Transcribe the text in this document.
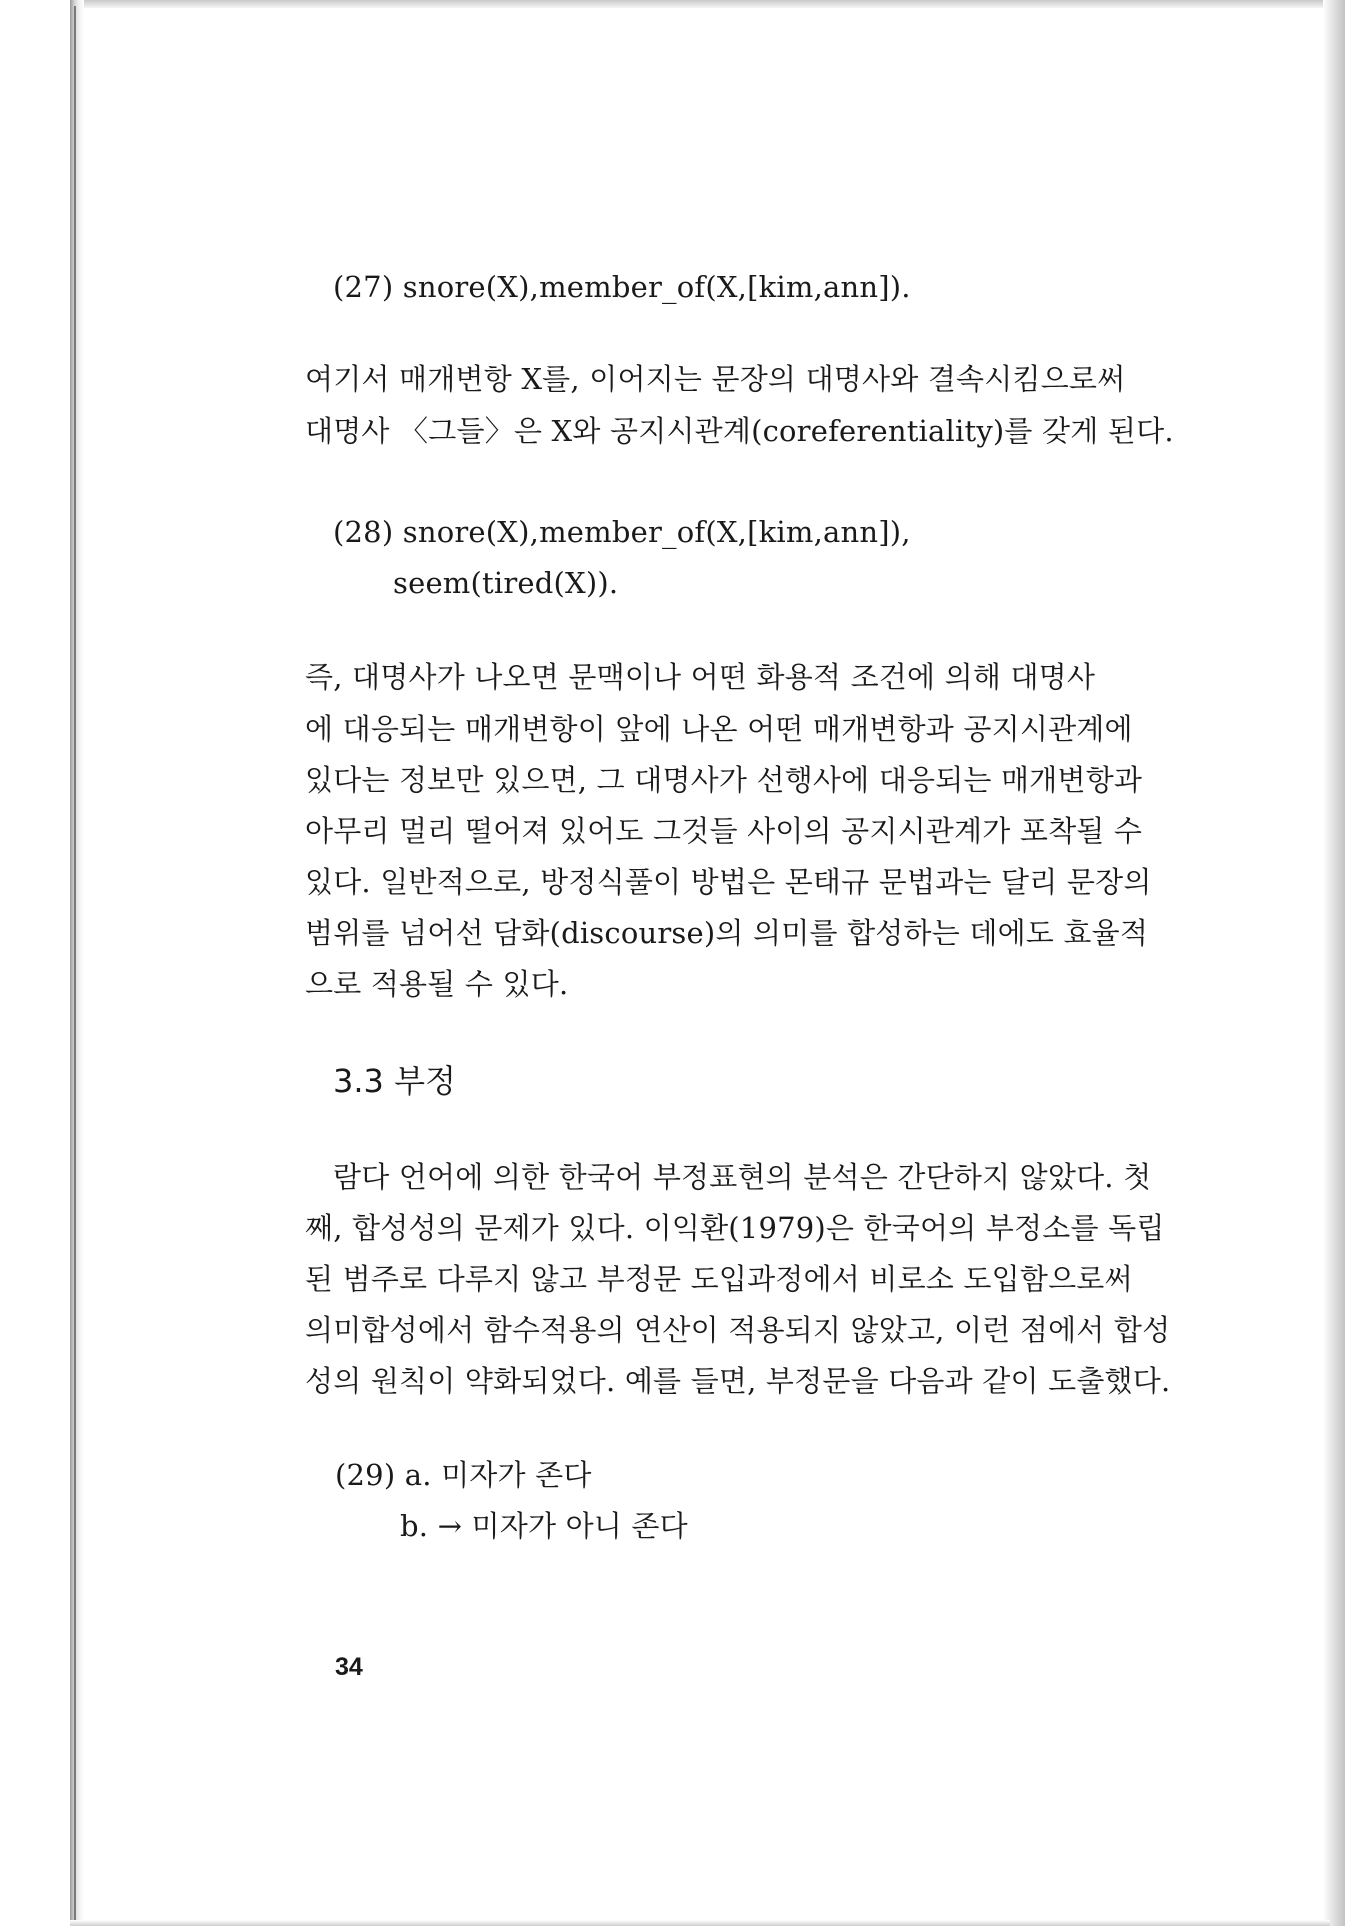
(27) snore(X),member_of(X,[kim,ann]).
여기서 매개변항 X를, 이어지는 문장의 대명사와 결속시킴으로써
대명사 〈그들〉은 X와 공지시관계(coreferentiality)를 갖게 된다.
(28) snore(X),member_of(X,[kim,ann]),
seem(tired(X)).
즉, 대명사가 나오면 문맥이나 어떤 화용적 조건에 의해 대명사
에 대응되는 매개변항이 앞에 나온 어떤 매개변항과 공지시관계에
있다는 정보만 있으면, 그 대명사가 선행사에 대응되는 매개변항과
아무리 멀리 떨어져 있어도 그것들 사이의 공지시관계가 포착될 수
있다. 일반적으로, 방정식풀이 방법은 몬태규 문법과는 달리 문장의
범위를 넘어선 담화(discourse)의 의미를 합성하는 데에도 효율적
으로 적용될 수 있다.
3.3 부정
람다 언어에 의한 한국어 부정표현의 분석은 간단하지 않았다. 첫
째, 합성성의 문제가 있다. 이익환(1979)은 한국어의 부정소를 독립
된 범주로 다루지 않고 부정문 도입과정에서 비로소 도입함으로써
의미합성에서 함수적용의 연산이 적용되지 않았고, 이런 점에서 합성
성의 원칙이 약화되었다. 예를 들면, 부정문을 다음과 같이 도출했다.
(29) a. 미자가 존다
b. → 미자가 아니 존다
34
